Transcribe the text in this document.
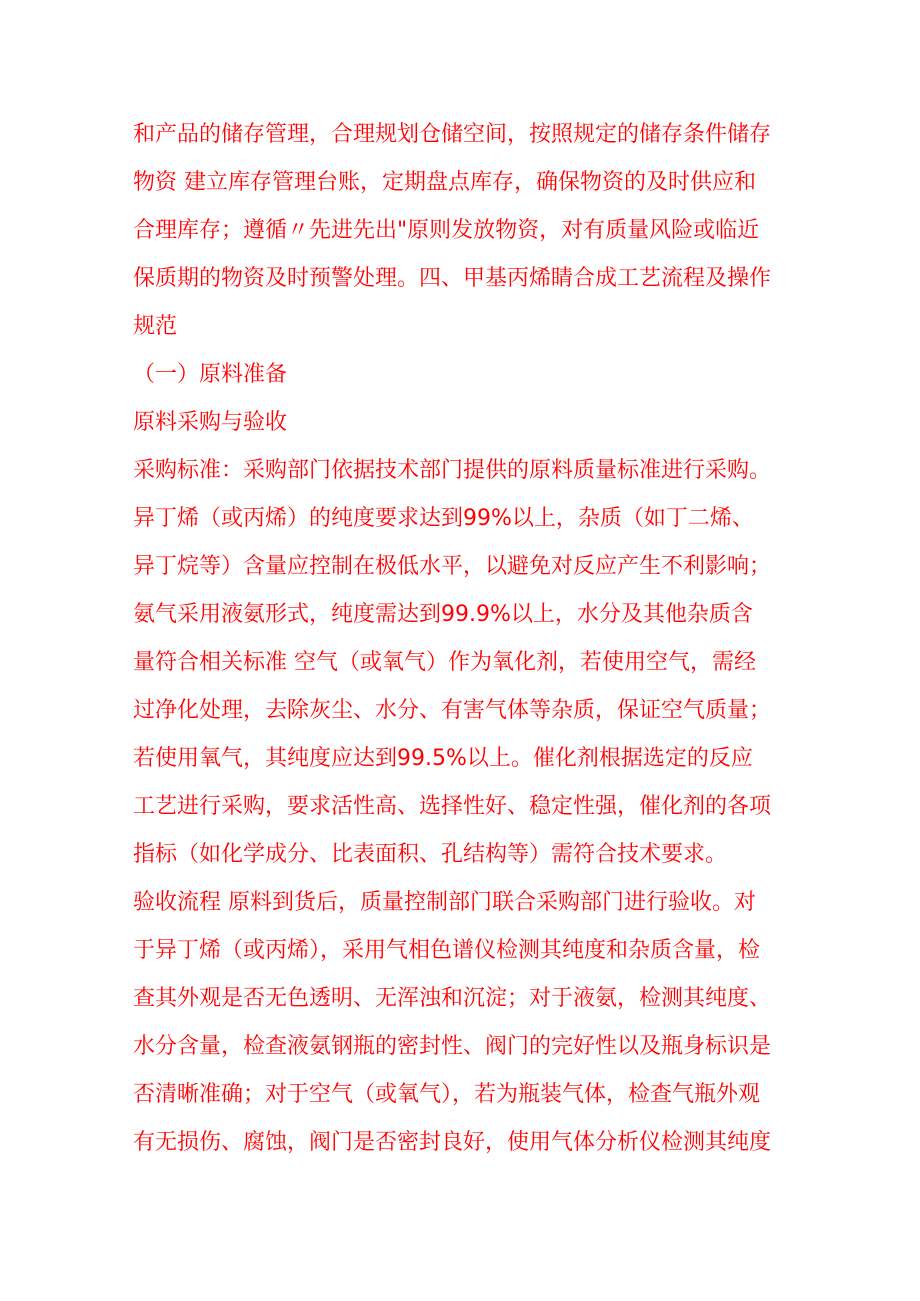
和产品的储存管理，合理规划仓储空间，按照规定的储存条件储存
物资 建立库存管理台账，定期盘点库存，确保物资的及时供应和
合理库存；遵循〃先进先出"原则发放物资，对有质量风险或临近
保质期的物资及时预警处理。四、甲基丙烯睛合成工艺流程及操作
规范
（一）原料准备
原料采购与验收
采购标准：采购部门依据技术部门提供的原料质量标准进行采购。
异丁烯（或丙烯）的纯度要求达到99%以上，杂质（如丁二烯、
异丁烷等）含量应控制在极低水平，以避免对反应产生不利影响；
氨气采用液氨形式，纯度需达到99.9%以上，水分及其他杂质含
量符合相关标准 空气（或氧气）作为氧化剂，若使用空气，需经
过净化处理，去除灰尘、水分、有害气体等杂质，保证空气质量；
若使用氧气，其纯度应达到99.5%以上。催化剂根据选定的反应
工艺进行采购，要求活性高、选择性好、稳定性强，催化剂的各项
指标（如化学成分、比表面积、孔结构等）需符合技术要求。
验收流程 原料到货后，质量控制部门联合采购部门进行验收。对
于异丁烯（或丙烯），采用气相色谱仪检测其纯度和杂质含量，检
查其外观是否无色透明、无浑浊和沉淀；对于液氨，检测其纯度、
水分含量，检查液氨钢瓶的密封性、阀门的完好性以及瓶身标识是
否清晰准确；对于空气（或氧气），若为瓶装气体，检查气瓶外观
有无损伤、腐蚀，阀门是否密封良好，使用气体分析仪检测其纯度
